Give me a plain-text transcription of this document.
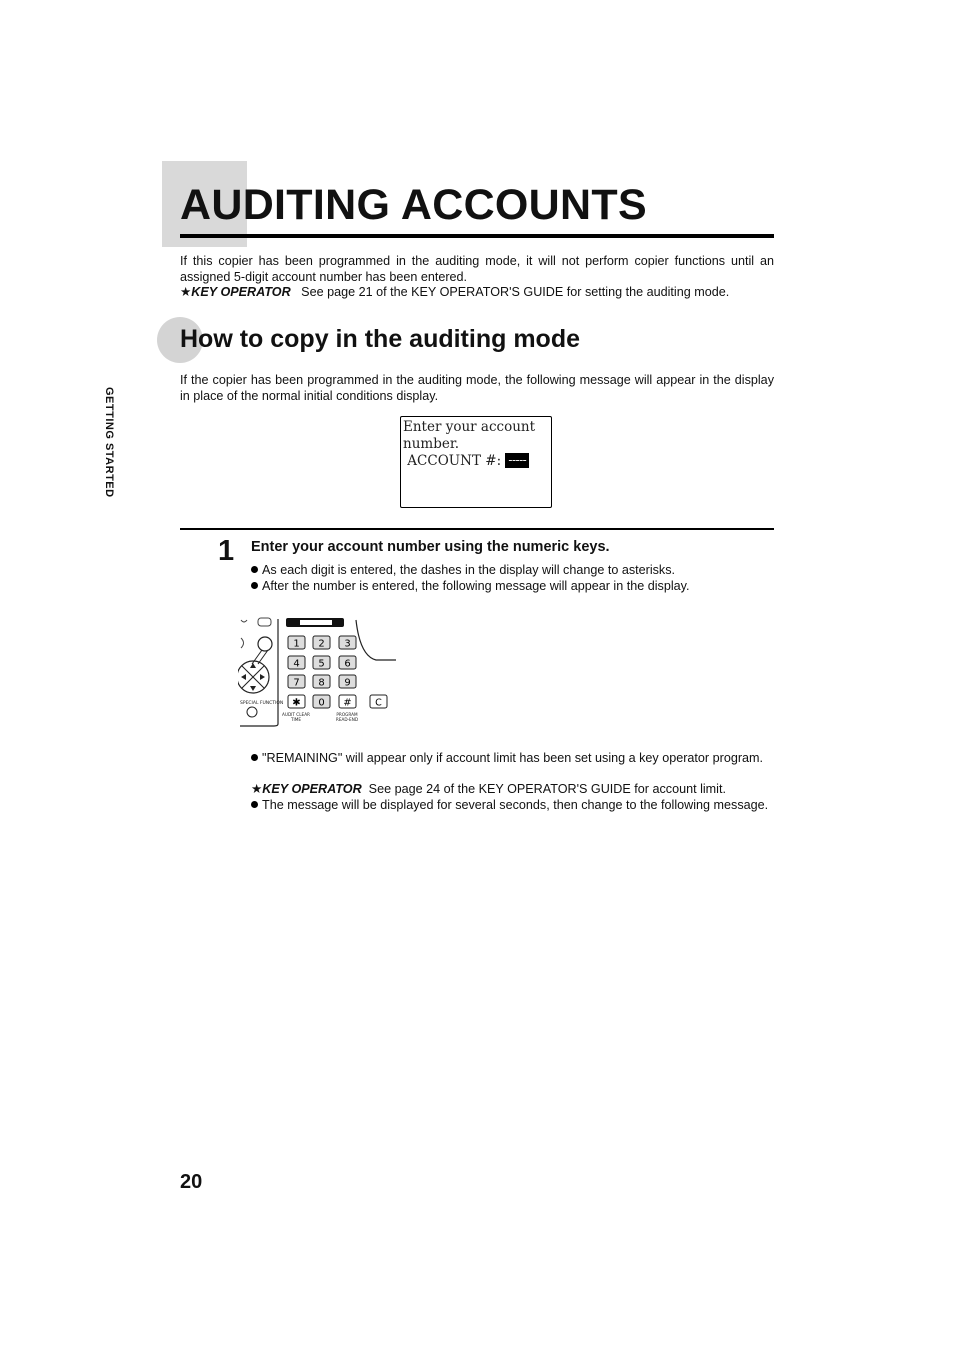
AUDITING ACCOUNTS
If this copier has been programmed in the auditing mode, it will not perform copier functions until an assigned 5-digit account number has been entered.
★KEY OPERATOR See page 21 of the KEY OPERATOR'S GUIDE for setting the auditing mode.
How to copy in the auditing mode
If the copier has been programmed in the auditing mode, the following message will appear in the display in place of the normal initial conditions display.
Enter your account
number.
ACCOUNT #: -----
1 Enter your account number using the numeric keys.
As each digit is entered, the dashes in the display will change to asterisks.
After the number is entered, the following message will appear in the display.
SPECIAL FUNCTION
1 2 3
4 5 6
7 8 9
✱ 0 # C
AUDIT CLEAR
TIME
PROGRAM
READ-END
"REMAINING" will appear only if account limit has been set using a key operator program.
★KEY OPERATOR See page 24 of the KEY OPERATOR'S GUIDE for account limit.
The message will be displayed for several seconds, then change to the following message.
GETTING STARTED
20
